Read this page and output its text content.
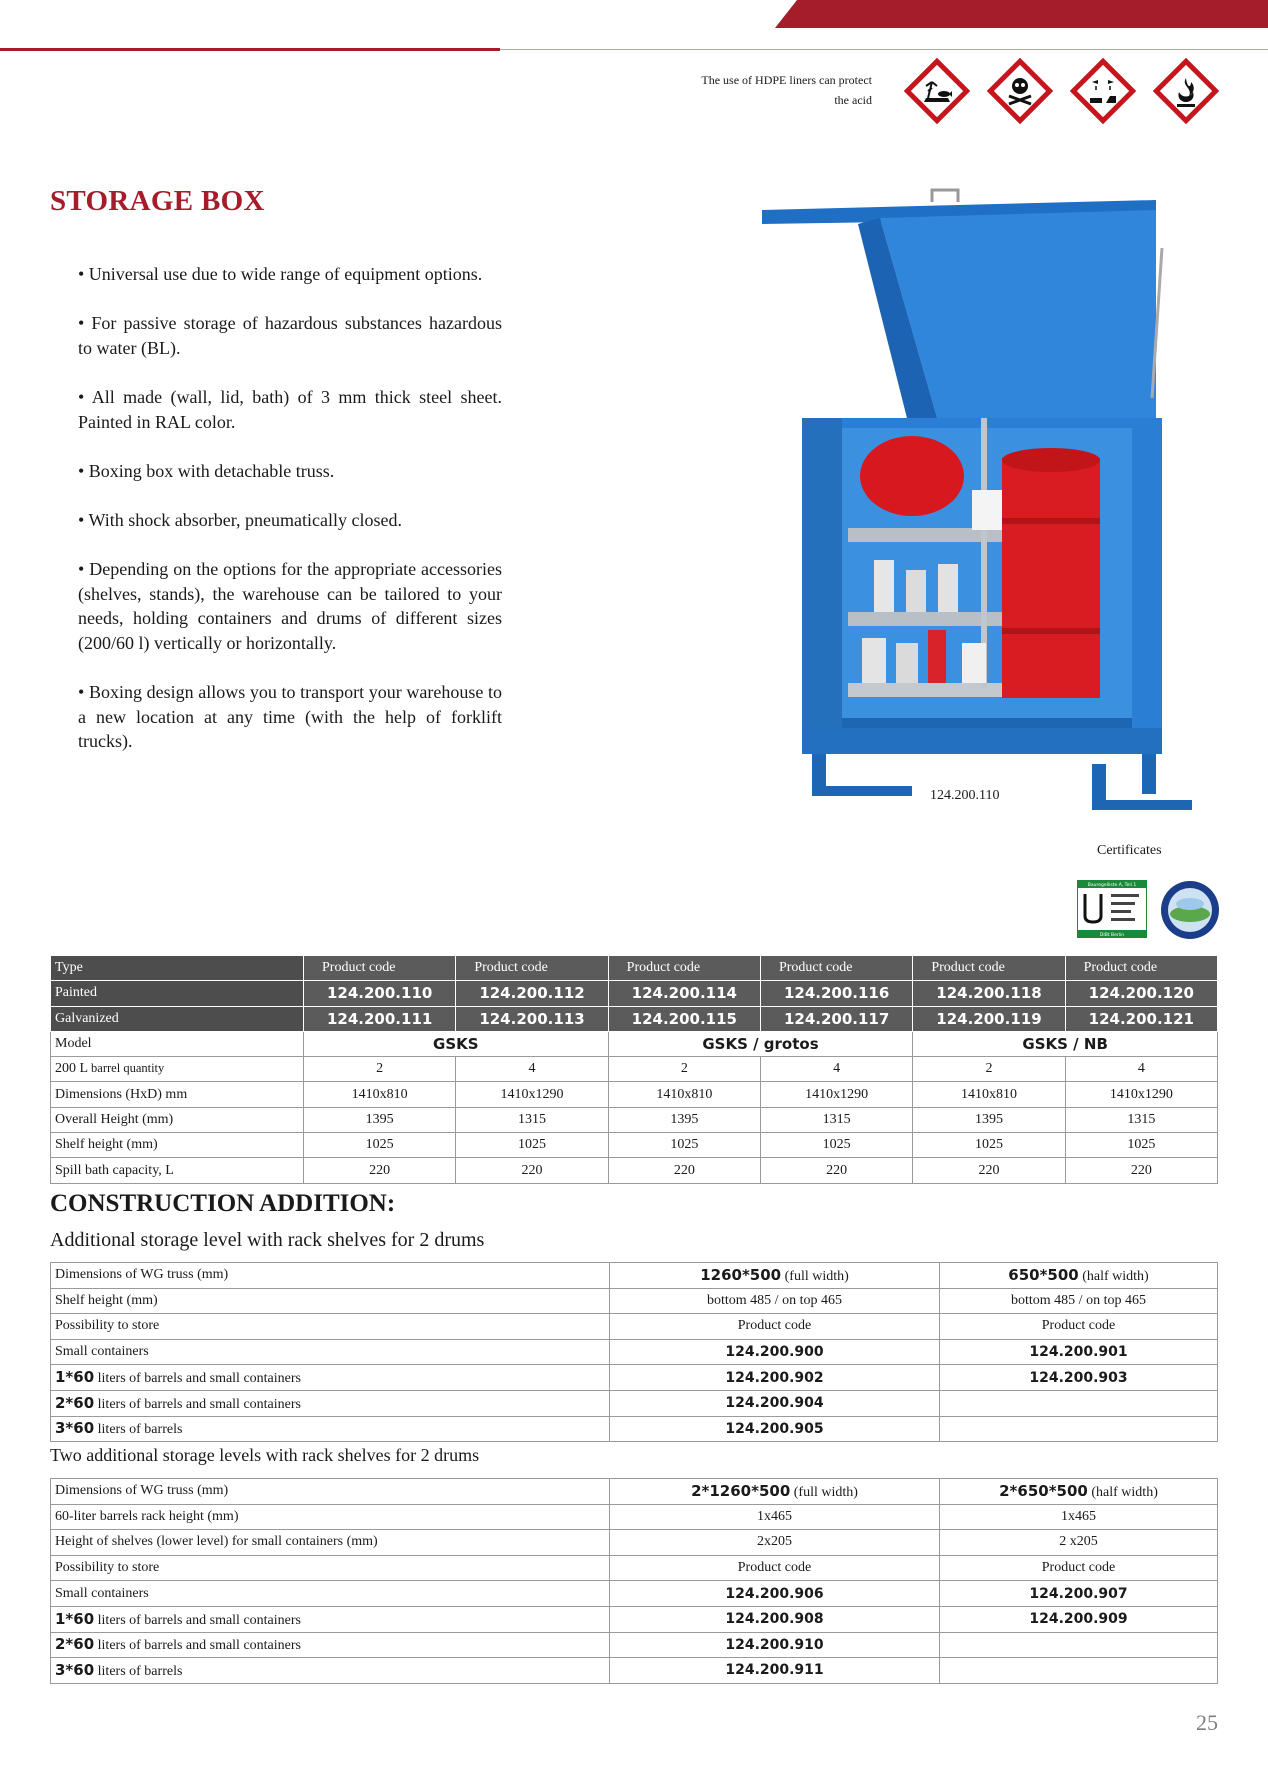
The use of HDPE liners can protect the acid
STORAGE BOX

• Universal use due to wide range of equipment options.

• For passive storage of hazardous substances hazardous to water (BL).

• All made (wall, lid, bath) of 3 mm thick steel sheet. Painted in RAL color.

• Boxing box with detachable truss.

• With shock absorber, pneumatically closed.

• Depending on the options for the appropriate accessories (shelves, stands), the warehouse can be tailored to your needs, holding containers and drums of different sizes (200/60 l) vertically or horizontally.

• Boxing design allows you to transport your warehouse to a new location at any time (with the help of forklift trucks).

124.200.110
Certificates
Bauregelliste A, Teil 1
DIBt Berlin
Type	Product code	Product code	Product code	Product code	Product code	Product code
Painted	124.200.110	124.200.112	124.200.114	124.200.116	124.200.118	124.200.120
Galvanized	124.200.111	124.200.113	124.200.115	124.200.117	124.200.119	124.200.121
Model	GSKS		GSKS / grotos		GSKS / NB	
200 L barrel quantity	2	4	2	4	2	4
Dimensions (HxD) mm	1410x810	1410x1290	1410x810	1410x1290	1410x810	1410x1290
Overall Height (mm)	1395	1315	1395	1315	1395	1315
Shelf height (mm)	1025	1025	1025	1025	1025	1025
Spill bath capacity, L	220	220	220	220	220	220
CONSTRUCTION ADDITION:
Additional storage level with rack shelves for 2 drums
Dimensions of WG truss (mm)	1260*500 (full width)	650*500 (half width)
Shelf height (mm)	bottom 485 / on top 465	bottom 485 / on top 465
Possibility to store	Product code	Product code
Small containers	124.200.900	124.200.901
1*60 liters of barrels and small containers	124.200.902	124.200.903
2*60 liters of barrels and small containers	124.200.904	
3*60 liters of barrels	124.200.905	
Two additional storage levels with rack shelves for 2 drums
Dimensions of WG truss (mm)	2*1260*500 (full width)	2*650*500 (half width)
60-liter barrels rack height (mm)	1x465	1x465
Height of shelves (lower level) for small containers (mm)	2x205	2 x205
Possibility to store	Product code	Product code
Small containers	124.200.906	124.200.907
1*60 liters of barrels and small containers	124.200.908	124.200.909
2*60 liters of barrels and small containers	124.200.910	
3*60 liters of barrels	124.200.911	
25
